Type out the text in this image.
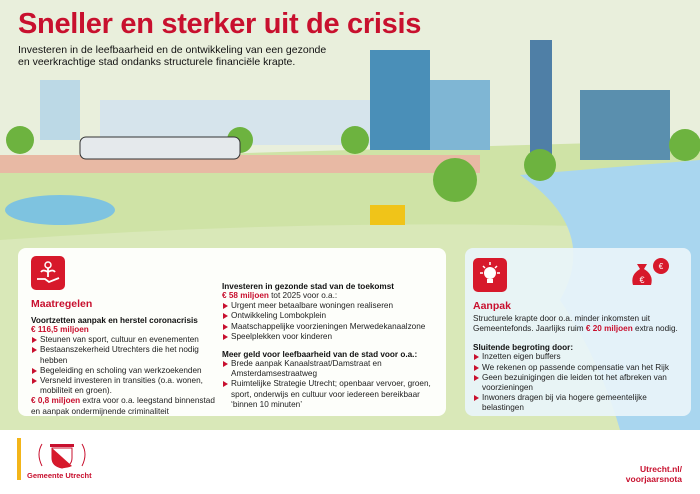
Sneller en sterker uit de crisis
Investeren in de leefbaarheid en de ontwikkeling van een gezonde
en veerkrachtige stad ondanks structurele financiële krapte.
Maatregelen
Voortzetten aanpak en herstel coronacrisis
€ 116,5 miljoen
Steunen van sport, cultuur en evenementen
Bestaanszekerheid Utrechters die het nodig hebben
Begeleiding en scholing van werkzoekenden
Versneld investeren in transities (o.a. wonen, mobiliteit en groen).
€ 0,8 miljoen extra voor o.a. leegstand binnenstad en aanpak ondermijnende criminaliteit
Investeren in gezonde stad van de toekomst
€ 58 miljoen tot 2025 voor o.a.:
Urgent meer betaalbare woningen realiseren
Ontwikkeling Lombokplein
Maatschappelijke voorzieningen Merwedekanaalzone
Speelplekken voor kinderen
Meer geld voor leefbaarheid van de stad voor o.a.:
Brede aanpak Kanaalstraat/Damstraat en Amsterdamsestraatweg
Ruimtelijke Strategie Utrecht; openbaar vervoer, groen, sport, onderwijs en cultuur voor iedereen bereikbaar ‘binnen 10 minuten’
€
€
Aanpak
Structurele krapte door o.a. minder inkomsten uit Gemeentefonds. Jaarlijks ruim € 20 miljoen extra nodig.
Sluitende begroting door:
Inzetten eigen buffers
We rekenen op passende compensatie van het Rijk
Geen bezuinigingen die leiden tot het afbreken van voorzieningen
Inwoners dragen bij via hogere gemeentelijke belastingen
Gemeente Utrecht
Utrecht.nl/
voorjaarsnota
